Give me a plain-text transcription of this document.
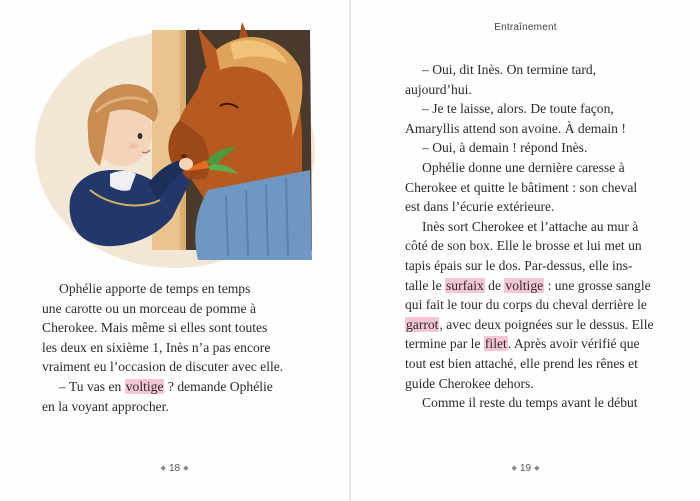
Ophélie apporte de temps en temps
une carotte ou un morceau de pomme à
Cherokee. Mais même si elles sont toutes
les deux en sixième 1, Inès n’a pas encore
vraiment eu l’occasion de discuter avec elle.
– Tu vas en voltige ? demande Ophélie
en la voyant approcher.
◆ 18 ◆
Entraînement
– Oui, dit Inès. On termine tard,
aujourd’hui.
– Je te laisse, alors. De toute façon,
Amaryllis attend son avoine. À demain !
– Oui, à demain ! répond Inès.
Ophélie donne une dernière caresse à
Cherokee et quitte le bâtiment : son cheval
est dans l’écurie extérieure.
Inès sort Cherokee et l’attache au mur à
côté de son box. Elle le brosse et lui met un
tapis épais sur le dos. Par-dessus, elle ins-
talle le surfaix de voltige : une grosse sangle
qui fait le tour du corps du cheval derrière le
garrot, avec deux poignées sur le dessus. Elle
termine par le filet. Après avoir vérifié que
tout est bien attaché, elle prend les rênes et
guide Cherokee dehors.
Comme il reste du temps avant le début
◆ 19 ◆
